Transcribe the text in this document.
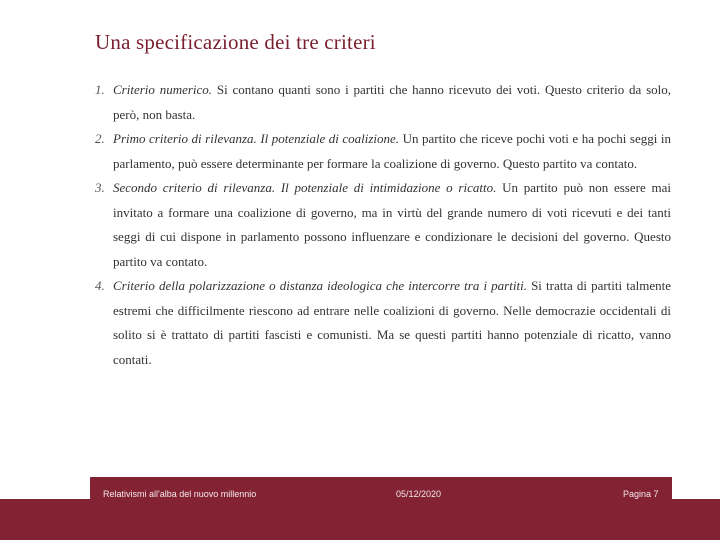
Una specificazione dei tre criteri
1. Criterio numerico. Si contano quanti sono i partiti che hanno ricevuto dei voti. Questo criterio da solo, però, non basta.
2. Primo criterio di rilevanza. Il potenziale di coalizione. Un partito che riceve pochi voti e ha pochi seggi in parlamento, può essere determinante per formare la coalizione di governo. Questo partito va contato.
3. Secondo criterio di rilevanza. Il potenziale di intimidazione o ricatto. Un partito può non essere mai invitato a formare una coalizione di governo, ma in virtù del grande numero di voti ricevuti e dei tanti seggi di cui dispone in parlamento possono influenzare e condizionare le decisioni del governo. Questo partito va contato.
4. Criterio della polarizzazione o distanza ideologica che intercorre tra i partiti. Si tratta di partiti talmente estremi che difficilmente riescono ad entrare nelle coalizioni di governo. Nelle democrazie occidentali di solito si è trattato di partiti fascisti e comunisti. Ma se questi partiti hanno potenziale di ricatto, vanno contati.
Relativismi all'alba del nuovo millennio	05/12/2020	Pagina 7
